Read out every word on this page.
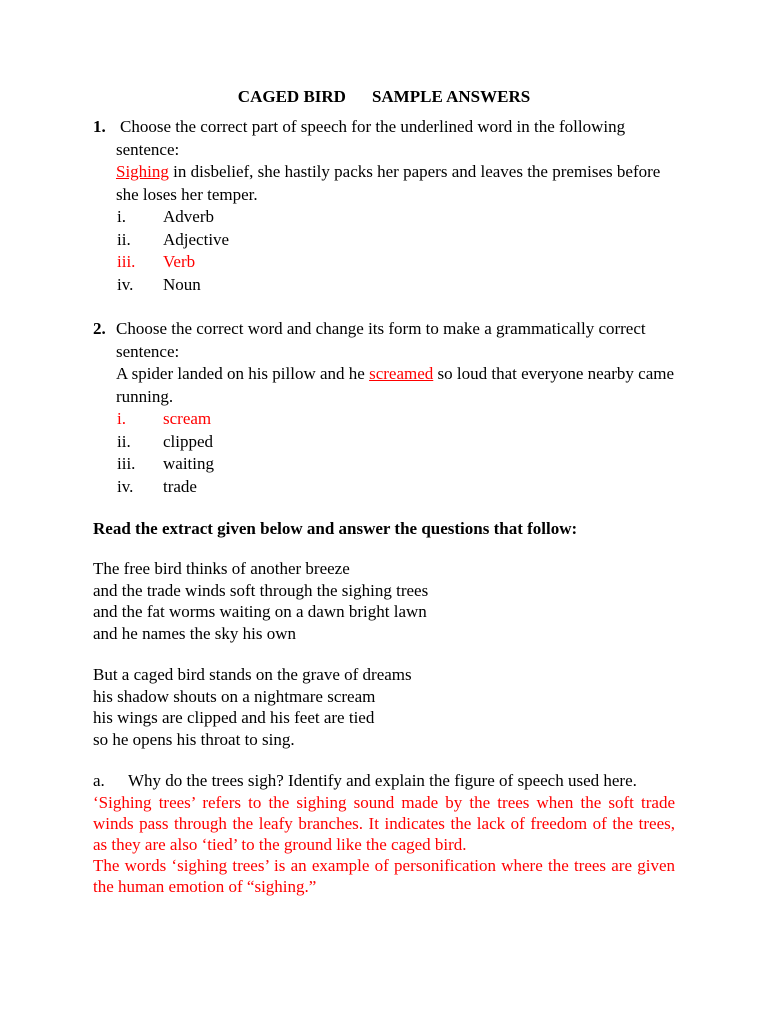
CAGED BIRD SAMPLE ANSWERS
1. Choose the correct part of speech for the underlined word in the following sentence:
Sighing in disbelief, she hastily packs her papers and leaves the premises before she loses her temper.
i.	Adverb
ii.	Adjective
iii.	Verb
iv.	Noun
2. Choose the correct word and change its form to make a grammatically correct sentence:
A spider landed on his pillow and he screamed so loud that everyone nearby came running.
i.	scream
ii.	clipped
iii.	waiting
iv.	trade
Read the extract given below and answer the questions that follow:
The free bird thinks of another breeze
and the trade winds soft through the sighing trees
and the fat worms waiting on a dawn bright lawn
and he names the sky his own
But a caged bird stands on the grave of dreams
his shadow shouts on a nightmare scream
his wings are clipped and his feet are tied
so he opens his throat to sing.
a.	Why do the trees sigh? Identify and explain the figure of speech used here.
‘Sighing trees’ refers to the sighing sound made by the trees when the soft trade winds pass through the leafy branches. It indicates the lack of freedom of the trees, as they are also ‘tied’ to the ground like the caged bird.
The words ‘sighing trees’ is an example of personification where the trees are given the human emotion of “sighing.”
